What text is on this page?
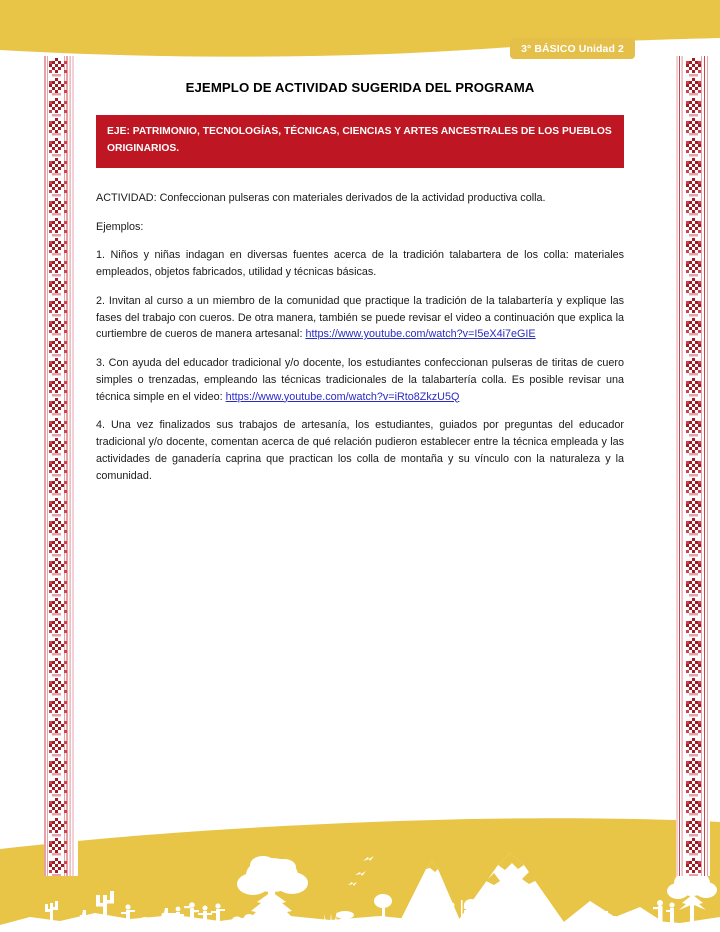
3° BÁSICO Unidad 2
EJEMPLO DE ACTIVIDAD SUGERIDA DEL PROGRAMA
EJE: PATRIMONIO, TECNOLOGÍAS, TÉCNICAS, CIENCIAS Y ARTES ANCESTRALES DE LOS PUEBLOS ORIGINARIOS.

ACTIVIDAD: Confeccionan pulseras con materiales derivados de la actividad productiva colla.

Ejemplos:

1. Niños y niñas indagan en diversas fuentes acerca de la tradición talabartera de los colla: materiales empleados, objetos fabricados, utilidad y técnicas básicas.

2. Invitan al curso a un miembro de la comunidad que practique la tradición de la talabartería y explique las fases del trabajo con cueros. De otra manera, también se puede revisar el video a continuación que explica la curtiembre de cueros de manera artesanal: https://www.youtube.com/watch?v=I5eX4i7eGIE

3. Con ayuda del educador tradicional y/o docente, los estudiantes confeccionan pulseras de tiritas de cuero simples o trenzadas, empleando las técnicas tradicionales de la talabartería colla. Es posible revisar una técnica simple en el video: https://www.youtube.com/watch?v=iRto8ZkzU5Q

4. Una vez finalizados sus trabajos de artesanía, los estudiantes, guiados por preguntas del educador tradicional y/o docente, comentan acerca de qué relación pudieron establecer entre la técnica empleada y las actividades de ganadería caprina que practican los colla de montaña y su vínculo con la naturaleza y la comunidad.
